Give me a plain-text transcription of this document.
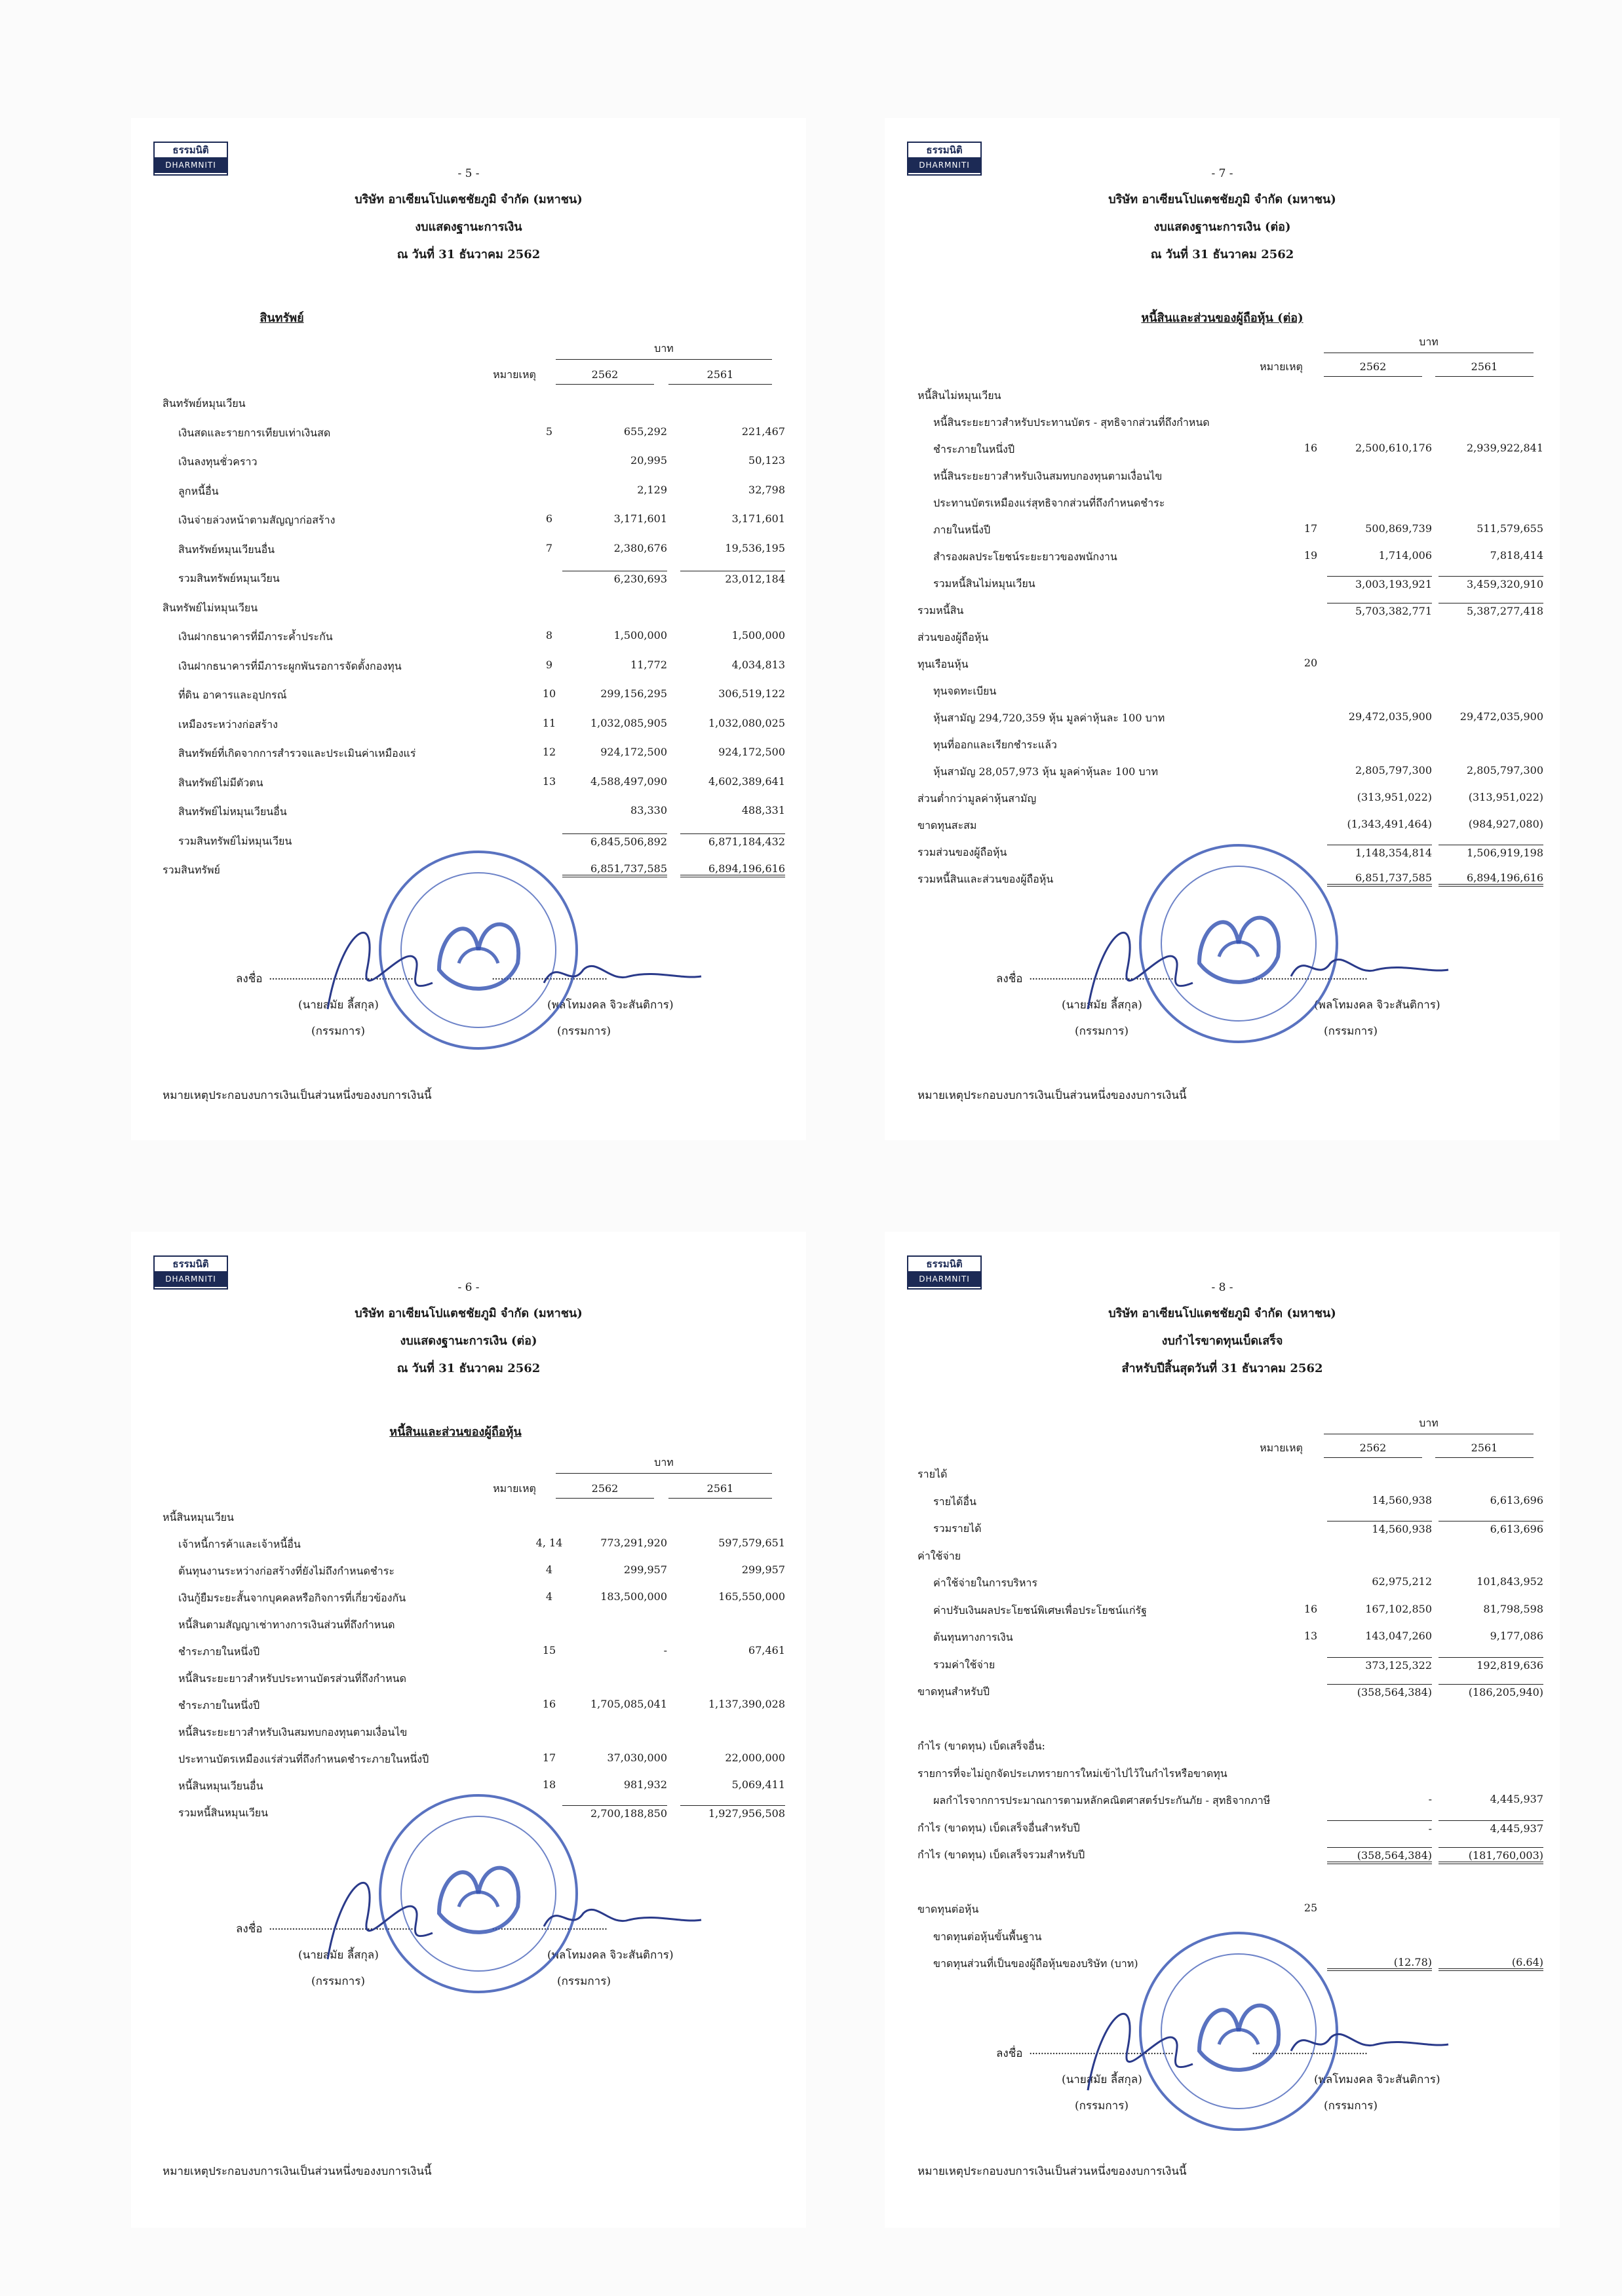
ธรรมนิติ
DHARMNITI
- 5 -
บริษัท อาเซียนโปแตชชัยภูมิ จำกัด (มหาชน)
งบแสดงฐานะการเงิน
ณ วันที่ 31 ธันวาคม 2562
สินทรัพย์
บาท
หมายเหตุ	2562	2561
สินทรัพย์หมุนเวียน
เงินสดและรายการเทียบเท่าเงินสด	5	655,292	221,467
เงินลงทุนชั่วคราว	20,995	50,123
ลูกหนี้อื่น	2,129	32,798
เงินจ่ายล่วงหน้าตามสัญญาก่อสร้าง	6	3,171,601	3,171,601
สินทรัพย์หมุนเวียนอื่น	7	2,380,676	19,536,195
รวมสินทรัพย์หมุนเวียน	6,230,693	23,012,184
สินทรัพย์ไม่หมุนเวียน
เงินฝากธนาคารที่มีภาระค้ำประกัน	8	1,500,000	1,500,000
เงินฝากธนาคารที่มีภาระผูกพันรอการจัดตั้งกองทุน	9	11,772	4,034,813
ที่ดิน อาคารและอุปกรณ์	10	299,156,295	306,519,122
เหมืองระหว่างก่อสร้าง	11	1,032,085,905	1,032,080,025
สินทรัพย์ที่เกิดจากการสำรวจและประเมินค่าเหมืองแร่	12	924,172,500	924,172,500
สินทรัพย์ไม่มีตัวตน	13	4,588,497,090	4,602,389,641
สินทรัพย์ไม่หมุนเวียนอื่น	83,330	488,331
รวมสินทรัพย์ไม่หมุนเวียน	6,845,506,892	6,871,184,432
รวมสินทรัพย์	6,851,737,585	6,894,196,616
ลงชื่อ ..................................................	........................................
(นายสมัย ลี้สกุล)	(พลโทมงคล จิวะสันติการ)
(กรรมการ)	(กรรมการ)
หมายเหตุประกอบงบการเงินเป็นส่วนหนึ่งของงบการเงินนี้
ธรรมนิติ
DHARMNITI
- 7 -
บริษัท อาเซียนโปแตชชัยภูมิ จำกัด (มหาชน)
งบแสดงฐานะการเงิน (ต่อ)
ณ วันที่ 31 ธันวาคม 2562
หนี้สินและส่วนของผู้ถือหุ้น (ต่อ)
บาท
หมายเหตุ	2562	2561
หนี้สินไม่หมุนเวียน
หนี้สินระยะยาวสำหรับประทานบัตร - สุทธิจากส่วนที่ถึงกำหนด
ชำระภายในหนึ่งปี	16	2,500,610,176	2,939,922,841
หนี้สินระยะยาวสำหรับเงินสมทบกองทุนตามเงื่อนไข
ประทานบัตรเหมืองแร่สุทธิจากส่วนที่ถึงกำหนดชำระ
ภายในหนึ่งปี	17	500,869,739	511,579,655
สำรองผลประโยชน์ระยะยาวของพนักงาน	19	1,714,006	7,818,414
รวมหนี้สินไม่หมุนเวียน	3,003,193,921	3,459,320,910
รวมหนี้สิน	5,703,382,771	5,387,277,418
ส่วนของผู้ถือหุ้น
ทุนเรือนหุ้น	20
ทุนจดทะเบียน
หุ้นสามัญ 294,720,359 หุ้น มูลค่าหุ้นละ 100 บาท	29,472,035,900	29,472,035,900
ทุนที่ออกและเรียกชำระแล้ว
หุ้นสามัญ 28,057,973 หุ้น มูลค่าหุ้นละ 100 บาท	2,805,797,300	2,805,797,300
ส่วนต่ำกว่ามูลค่าหุ้นสามัญ	(313,951,022)	(313,951,022)
ขาดทุนสะสม	(1,343,491,464)	(984,927,080)
รวมส่วนของผู้ถือหุ้น	1,148,354,814	1,506,919,198
รวมหนี้สินและส่วนของผู้ถือหุ้น	6,851,737,585	6,894,196,616
ลงชื่อ ..................................................	........................................
(นายสมัย ลี้สกุล)	(พลโทมงคล จิวะสันติการ)
(กรรมการ)	(กรรมการ)
หมายเหตุประกอบงบการเงินเป็นส่วนหนึ่งของงบการเงินนี้
ธรรมนิติ
DHARMNITI
- 6 -
บริษัท อาเซียนโปแตชชัยภูมิ จำกัด (มหาชน)
งบแสดงฐานะการเงิน (ต่อ)
ณ วันที่ 31 ธันวาคม 2562
หนี้สินและส่วนของผู้ถือหุ้น
บาท
หมายเหตุ	2562	2561
หนี้สินหมุนเวียน
เจ้าหนี้การค้าและเจ้าหนี้อื่น	4, 14	773,291,920	597,579,651
ต้นทุนงานระหว่างก่อสร้างที่ยังไม่ถึงกำหนดชำระ	4	299,957	299,957
เงินกู้ยืมระยะสั้นจากบุคคลหรือกิจการที่เกี่ยวข้องกัน	4	183,500,000	165,550,000
หนี้สินตามสัญญาเช่าทางการเงินส่วนที่ถึงกำหนด
ชำระภายในหนึ่งปี	15	-	67,461
หนี้สินระยะยาวสำหรับประทานบัตรส่วนที่ถึงกำหนด
ชำระภายในหนึ่งปี	16	1,705,085,041	1,137,390,028
หนี้สินระยะยาวสำหรับเงินสมทบกองทุนตามเงื่อนไข
ประทานบัตรเหมืองแร่ส่วนที่ถึงกำหนดชำระภายในหนึ่งปี	17	37,030,000	22,000,000
หนี้สินหมุนเวียนอื่น	18	981,932	5,069,411
รวมหนี้สินหมุนเวียน	2,700,188,850	1,927,956,508
ลงชื่อ ..................................................	........................................
(นายสมัย ลี้สกุล)	(พลโทมงคล จิวะสันติการ)
(กรรมการ)	(กรรมการ)
หมายเหตุประกอบงบการเงินเป็นส่วนหนึ่งของงบการเงินนี้
ธรรมนิติ
DHARMNITI
- 8 -
บริษัท อาเซียนโปแตชชัยภูมิ จำกัด (มหาชน)
งบกำไรขาดทุนเบ็ดเสร็จ
สำหรับปีสิ้นสุดวันที่ 31 ธันวาคม 2562
บาท
หมายเหตุ	2562	2561
รายได้
รายได้อื่น	14,560,938	6,613,696
รวมรายได้	14,560,938	6,613,696
ค่าใช้จ่าย
ค่าใช้จ่ายในการบริหาร	62,975,212	101,843,952
ค่าปรับเงินผลประโยชน์พิเศษเพื่อประโยชน์แก่รัฐ	16	167,102,850	81,798,598
ต้นทุนทางการเงิน	13	143,047,260	9,177,086
รวมค่าใช้จ่าย	373,125,322	192,819,636
ขาดทุนสำหรับปี	(358,564,384)	(186,205,940)
กำไร (ขาดทุน) เบ็ดเสร็จอื่น:
รายการที่จะไม่ถูกจัดประเภทรายการใหม่เข้าไปไว้ในกำไรหรือขาดทุน
ผลกำไรจากการประมาณการตามหลักคณิตศาสตร์ประกันภัย - สุทธิจากภาษี	-	4,445,937
กำไร (ขาดทุน) เบ็ดเสร็จอื่นสำหรับปี	-	4,445,937
กำไร (ขาดทุน) เบ็ดเสร็จรวมสำหรับปี	(358,564,384)	(181,760,003)
ขาดทุนต่อหุ้น	25
ขาดทุนต่อหุ้นขั้นพื้นฐาน
ขาดทุนส่วนที่เป็นของผู้ถือหุ้นของบริษัท (บาท)	(12.78)	(6.64)
ลงชื่อ ..................................................	........................................
(นายสมัย ลี้สกุล)	(พลโทมงคล จิวะสันติการ)
(กรรมการ)	(กรรมการ)
หมายเหตุประกอบงบการเงินเป็นส่วนหนึ่งของงบการเงินนี้
